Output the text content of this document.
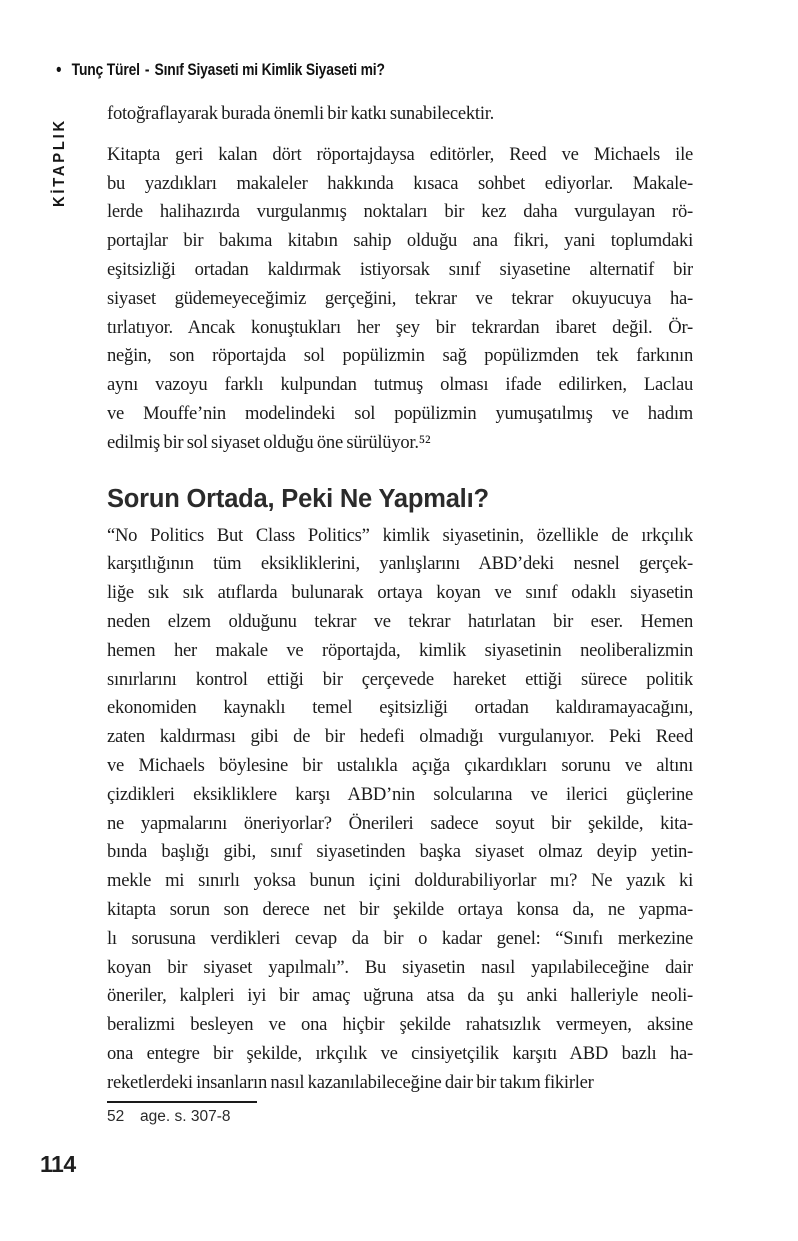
• Tunç Türel - Sınıf Siyaseti mi Kimlik Siyaseti mi?
KİTAPLIK
fotoğraflayarak burada önemli bir katkı sunabilecektir.
Kitapta geri kalan dört röportajdaysa editörler, Reed ve Michaels ile
bu yazdıkları makaleler hakkında kısaca sohbet ediyorlar. Makale-
lerde halihazırda vurgulanmış noktaları bir kez daha vurgulayan rö-
portajlar bir bakıma kitabın sahip olduğu ana fikri, yani toplumdaki
eşitsizliği ortadan kaldırmak istiyorsak sınıf siyasetine alternatif bir
siyaset güdemeyeceğimiz gerçeğini, tekrar ve tekrar okuyucuya ha-
tırlatıyor. Ancak konuştukları her şey bir tekrardan ibaret değil. Ör-
neğin, son röportajda sol popülizmin sağ popülizmden tek farkının
aynı vazoyu farklı kulpundan tutmuş olması ifade edilirken, Laclau
ve Mouffe’nin modelindeki sol popülizmin yumuşatılmış ve hadım
edilmiş bir sol siyaset olduğu öne sürülüyor.⁵²
Sorun Ortada, Peki Ne Yapmalı?
“No Politics But Class Politics” kimlik siyasetinin, özellikle de ırkçılık
karşıtlığının tüm eksikliklerini, yanlışlarını ABD’deki nesnel gerçek-
liğe sık sık atıflarda bulunarak ortaya koyan ve sınıf odaklı siyasetin
neden elzem olduğunu tekrar ve tekrar hatırlatan bir eser. Hemen
hemen her makale ve röportajda, kimlik siyasetinin neoliberalizmin
sınırlarını kontrol ettiği bir çerçevede hareket ettiği sürece politik
ekonomiden kaynaklı temel eşitsizliği ortadan kaldıramayacağını,
zaten kaldırması gibi de bir hedefi olmadığı vurgulanıyor. Peki Reed
ve Michaels böylesine bir ustalıkla açığa çıkardıkları sorunu ve altını
çizdikleri eksikliklere karşı ABD’nin solcularına ve ilerici güçlerine
ne yapmalarını öneriyorlar? Önerileri sadece soyut bir şekilde, kita-
bında başlığı gibi, sınıf siyasetinden başka siyaset olmaz deyip yetin-
mekle mi sınırlı yoksa bunun içini doldurabiliyorlar mı? Ne yazık ki
kitapta sorun son derece net bir şekilde ortaya konsa da, ne yapma-
lı sorusuna verdikleri cevap da bir o kadar genel: “Sınıfı merkezine
koyan bir siyaset yapılmalı”. Bu siyasetin nasıl yapılabileceğine dair
öneriler, kalpleri iyi bir amaç uğruna atsa da şu anki halleriyle neoli-
beralizmi besleyen ve ona hiçbir şekilde rahatsızlık vermeyen, aksine
ona entegre bir şekilde, ırkçılık ve cinsiyetçilik karşıtı ABD bazlı ha-
reketlerdeki insanların nasıl kazanılabileceğine dair bir takım fikirler
52	age. s. 307-8
114
